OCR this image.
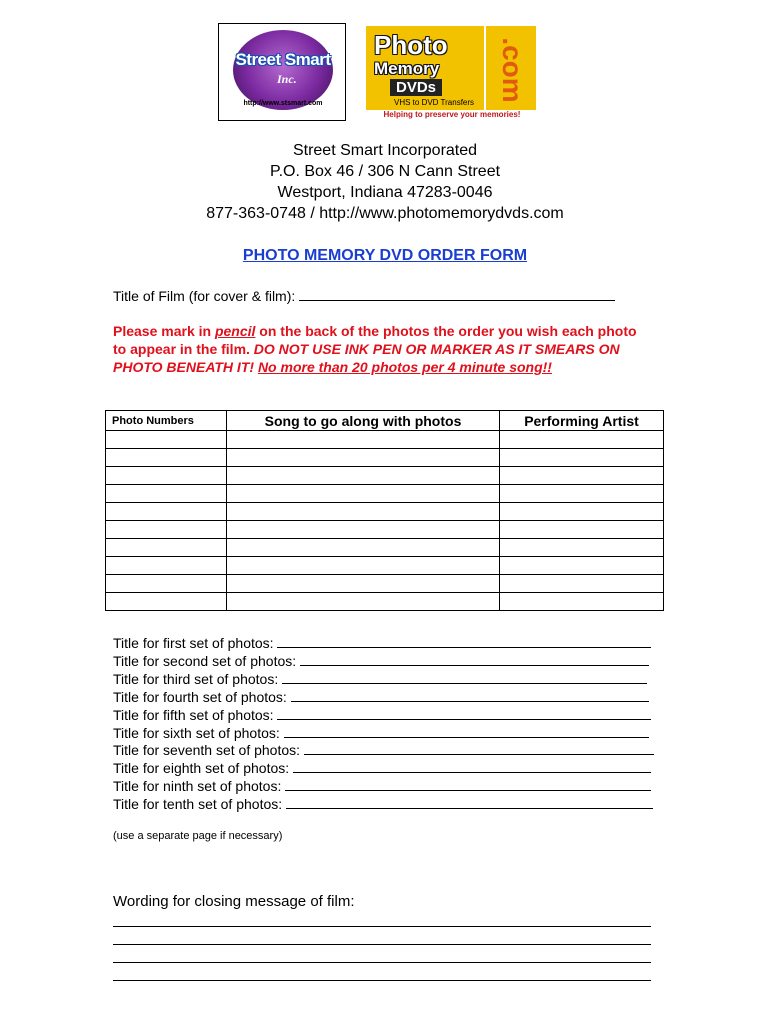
Street Smart
Inc.
http://www.stsmart.com
Photo
Memory
DVDs
VHS to DVD Transfers .com
Helping to preserve your memories!
Street Smart Incorporated
P.O. Box 46 / 306 N Cann Street
Westport, Indiana 47283-0046
877-363-0748 / http://www.photomemorydvds.com
PHOTO MEMORY DVD ORDER FORM
Title of Film (for cover & film):
Please mark in pencil on the back of the photos the order you wish each photo to appear in the film. DO NOT USE INK PEN OR MARKER AS IT SMEARS ON PHOTO BENEATH IT! No more than 20 photos per 4 minute song!!
Photo Numbers	Song to go along with photos	Performing Artist

Title for first set of photos:
Title for second set of photos:
Title for third set of photos:
Title for fourth set of photos:
Title for fifth set of photos:
Title for sixth set of photos:
Title for seventh set of photos:
Title for eighth set of photos:
Title for ninth set of photos:
Title for tenth set of photos:
(use a separate page if necessary)
Wording for closing message of film:
